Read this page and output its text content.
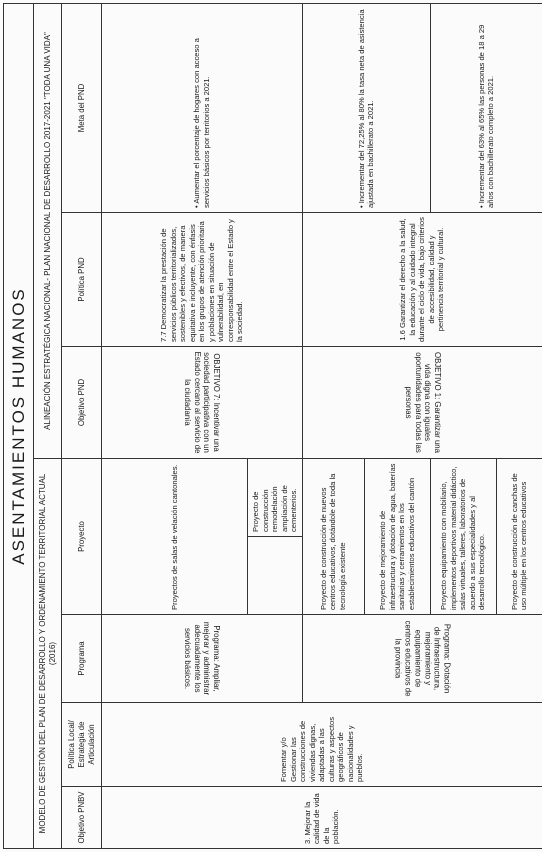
ASENTAMIENTOS HUMANOS							
MODELO DE GESTIÓN DEL PLAN DE DESARROLLO Y ORDENAMIENTO TERRITORIAL ACTUAL (2016)					ALINEACIÓN ESTRATÉGICA NACIONAL- PLAN NACIONAL DE DESARROLLO 2017-2021 "TODA UNA VIDA"		
Objetivo PNBV	Política Local/ Estrategia de Articulación	Programa	Proyecto		Objetivo PND	Política PND	Meta del PND
3. Mejorar la calidad de vida de la población.	Fomentar y/o Gestionar las construcciones de viviendas dignas, adaptadas a las culturas y aspectos geográficos de nacionalidades y pueblos.	Programa: Ampliar, mejorar y administrar adecuadamente los servicios básicos.	Proyectos de salas de velación cantonales.		OBJETIVO 7: Incentivar una sociedad participativa con un Estado cercano al servicio de la ciudadanía	7.7 Democratizar la prestación de servicios públicos territorializados, sostenibles y efectivos, de manera equitativa e incluyente, con énfasis en los grupos de atención prioritaria y poblaciones en situación de vulnerabilidad, en corresponsabilidad entre el Estado y la sociedad.	• Aumentar el porcentaje de hogares con acceso a servicios básicos por territorios a 2021.
				Proyecto de construcción remodelación ampliación de cementerios.			
		Programa: Dotación de Infraestructura, mejoramiento y equipamiento de centros educativos de la provincia	Proyecto de construcción de nuevos centros educativos, dotándole de toda la tecnología existente		OBJETIVO 1: Garantizar una vida digna con iguales oportunidades para todas las personas	1.6 Garantizar el derecho a la salud, la educación y al cuidado integral durante el ciclo de vida, bajo criterios de accesibilidad, calidad y pertinencia territorial y cultural.	• Incrementar del 72,25% al 80% la tasa neta de asistencia ajustada en bachillerato a 2021.
			Proyecto de mejoramiento de infraestructura y dotación de agua, baterías sanitarias y cerramientos en los establecimientos educativos del cantón				
			Proyecto equipamiento con mobiliario, implementos deportivos material didáctico, salas virtuales, talleres, laboratorios de acuerdo a sus especialidades y al desarrollo tecnológico.				• Incrementar del 63% al 65% las personas de 18 a 29 años con bachillerato completo a 2021.
			Proyecto de construcción de canchas de uso múltiple en los centros educativos				
